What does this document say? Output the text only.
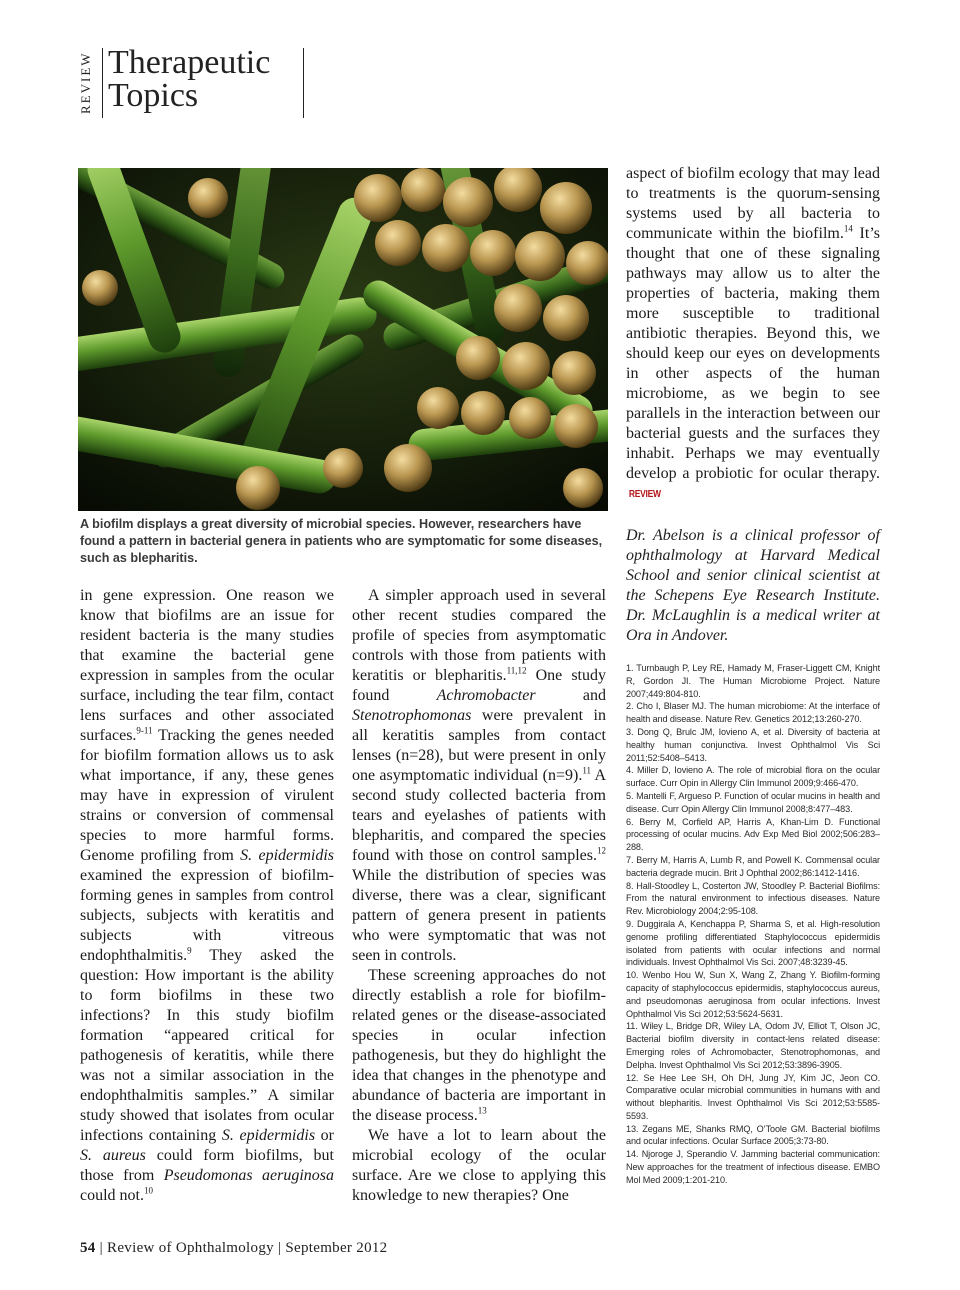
REVIEW Therapeutic
Topics
A biofilm displays a great diversity of microbial species. However, researchers have found a pattern in bacterial genera in patients who are symptomatic for some diseases, such as blepharitis.

in gene expression. One reason we know that biofilms are an issue for resident bacteria is the many studies that examine the bacterial gene expression in samples from the ocular surface, including the tear film, contact lens surfaces and other associated surfaces.$^{9-11}$ Tracking the genes needed for biofilm formation allows us to ask what importance, if any, these genes may have in expression of virulent strains or conversion of commensal species to more harmful forms. Genome profiling from S. epidermidis examined the expression of biofilm-forming genes in samples from control subjects, subjects with keratitis and subjects with vitreous endophthalmitis.$^9$ They asked the question: How important is the ability to form biofilms in these two infections? In this study biofilm formation “appeared critical for pathogenesis of keratitis, while there was not a similar association in the endophthalmitis samples.” A similar study showed that isolates from ocular infections containing S. epidermidis or S. aureus could form biofilms, but those from Pseudomonas aeruginosa could not.$^{10}$

A simpler approach used in several other recent studies compared the profile of species from asymptomatic controls with those from patients with keratitis or blepharitis.$^{11,12}$ One study found Achromobacter and Stenotrophomonas were prevalent in all keratitis samples from contact lenses (n=28), but were present in only one asymptomatic individual (n=9).$^{11}$ A second study collected bacteria from tears and eyelashes of patients with blepharitis, and compared the species found with those on control samples.$^{12}$ While the distribution of species was diverse, there was a clear, significant pattern of genera present in patients who were symptomatic that was not seen in controls.

These screening approaches do not directly establish a role for biofilm-related genes or the disease-associated species in ocular infection pathogenesis, but they do highlight the idea that changes in the phenotype and abundance of bacteria are important in the disease process.$^{13}$

We have a lot to learn about the microbial ecology of the ocular surface. Are we close to applying this knowledge to new therapies? One

aspect of biofilm ecology that may lead to treatments is the quorum-sensing systems used by all bacteria to communicate within the biofilm.$^{14}$ It’s thought that one of these signaling pathways may allow us to alter the properties of bacteria, making them more susceptible to traditional antibiotic therapies. Beyond this, we should keep our eyes on developments in other aspects of the human microbiome, as we begin to see parallels in the interaction between our bacterial guests and the surfaces they inhabit. Perhaps we may eventually develop a probiotic for ocular therapy. REVIEW

Dr. Abelson is a clinical professor of ophthalmology at Harvard Medical School and senior clinical scientist at the Schepens Eye Research Institute. Dr. McLaughlin is a medical writer at Ora in Andover.
1. Turnbaugh P, Ley RE, Hamady M, Fraser-Liggett CM, Knight R, Gordon JI. The Human Microbiome Project. Nature 2007;449:804-810.
2. Cho I, Blaser MJ. The human microbiome: At the interface of health and disease. Nature Rev. Genetics 2012;13:260-270.
3. Dong Q, Brulc JM, Iovieno A, et al. Diversity of bacteria at healthy human conjunctiva. Invest Ophthalmol Vis Sci 2011;52:5408–5413.
4. Miller D, Iovieno A. The role of microbial flora on the ocular surface. Curr Opin in Allergy Clin Immunol 2009;9:466-470.
5. Mantelli F, Argueso P. Function of ocular mucins in health and disease. Curr Opin Allergy Clin Immunol 2008;8:477–483.
6. Berry M, Corfield AP, Harris A, Khan-Lim D. Functional processing of ocular mucins. Adv Exp Med Biol 2002;506:283–288.
7. Berry M, Harris A, Lumb R, and Powell K. Commensal ocular bacteria degrade mucin. Brit J Ophthal 2002;86:1412-1416.
8. Hall-Stoodley L, Costerton JW, Stoodley P. Bacterial Biofilms: From the natural environment to infectious diseases. Nature Rev. Microbiology 2004;2:95-108.
9. Duggirala A, Kenchappa P, Sharma S, et al. High-resolution genome profiling differentiated Staphylococcus epidermidis isolated from patients with ocular infections and normal individuals. Invest Ophthalmol Vis Sci. 2007;48:3239-45.
10. Wenbo Hou W, Sun X, Wang Z, Zhang Y. Biofilm-forming capacity of staphylococcus epidermidis, staphylococcus aureus, and pseudomonas aeruginosa from ocular infections. Invest Ophthalmol Vis Sci 2012;53:5624-5631.
11. Wiley L, Bridge DR, Wiley LA, Odom JV, Elliot T, Olson JC, Bacterial biofilm diversity in contact-lens related disease: Emerging roles of Achromobacter, Stenotrophomonas, and Delpha. Invest Ophthalmol Vis Sci 2012;53:3896-3905.
12. Se Hee Lee SH, Oh DH, Jung JY, Kim JC, Jeon CO. Comparative ocular microbial communities in humans with and without blepharitis. Invest Ophthalmol Vis Sci 2012;53:5585-5593.
13. Zegans ME, Shanks RMQ, O’Toole GM. Bacterial biofilms and ocular infections. Ocular Surface 2005;3:73-80.
14. Njoroge J, Sperandio V. Jamming bacterial communication: New approaches for the treatment of infectious disease. EMBO Mol Med 2009;1:201-210.
54 | Review of Ophthalmology | September 2012
